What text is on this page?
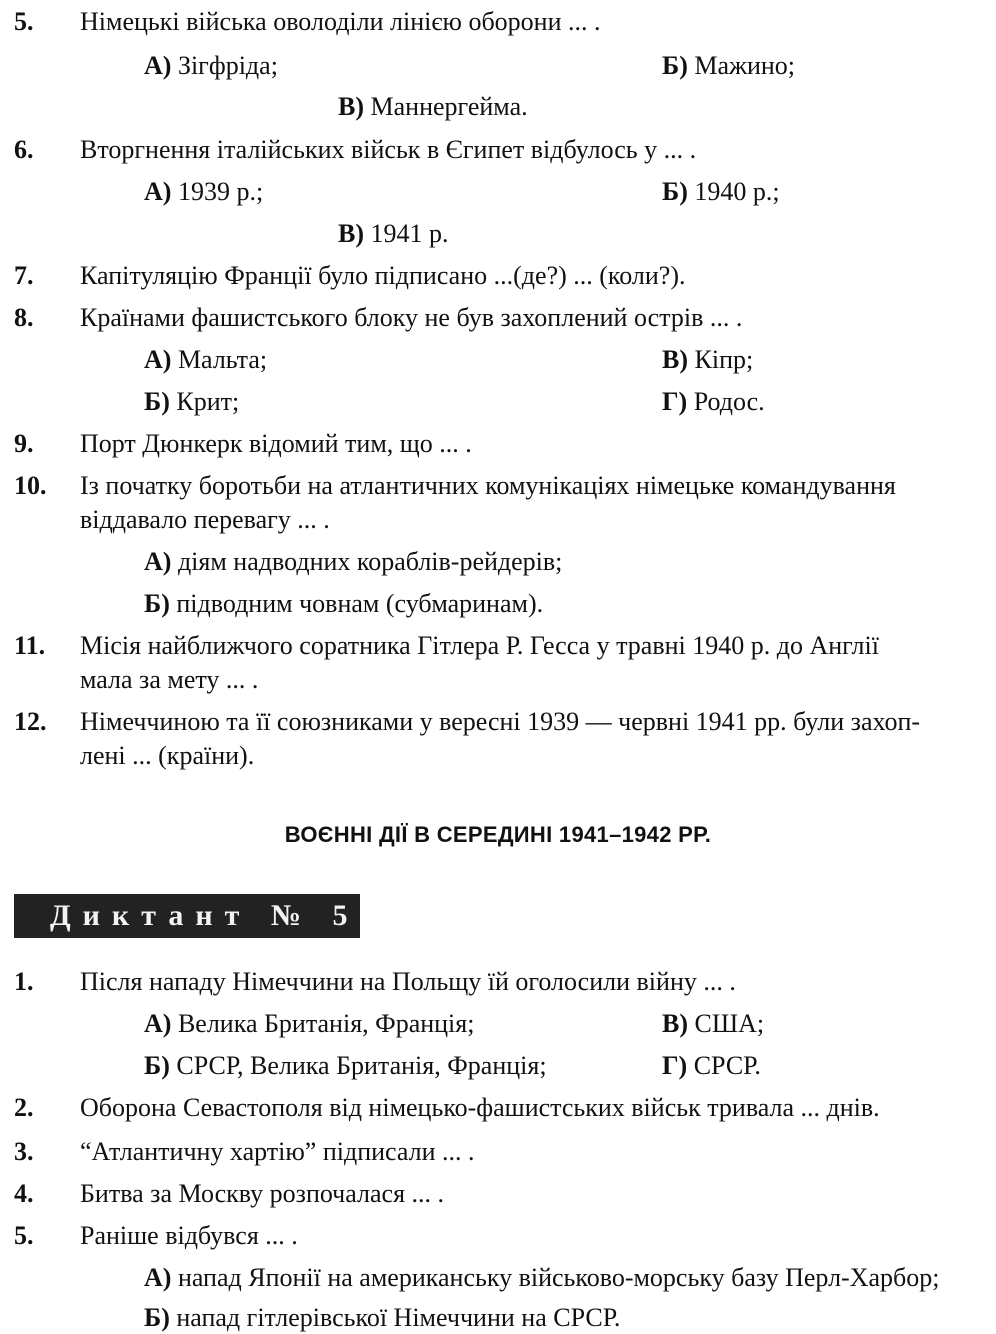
5. Німецькі війська оволоділи лінією оборони ... .
А) Зігфріда;	Б) Мажино;
В) Маннергейма.
6. Вторгнення італійських військ в Єгипет відбулось у ... .
А) 1939 р.;	Б) 1940 р.;
В) 1941 р.
7. Капітуляцію Франції було підписано ...(де?) ... (коли?).
8. Країнами фашистського блоку не був захоплений острів ... .
А) Мальта;	В) Кіпр;
Б) Крит;	Г) Родос.
9. Порт Дюнкерк відомий тим, що ... .
10. Із початку боротьби на атлантичних комунікаціях німецьке командування
віддавало перевагу ... .
А) діям надводних кораблів-рейдерів;
Б) підводним човнам (субмаринам).
11. Місія найближчого соратника Гітлера Р. Гесса у травні 1940 р. до Англії
мала за мету ... .
12. Німеччиною та її союзниками у вересні 1939 — червні 1941 рр. були захоп-
лені ... (країни).
ВОЄННІ ДІЇ В СЕРЕДИНІ 1941–1942 РР.
Диктант № 5
1. Після нападу Німеччини на Польщу їй оголосили війну ... .
А) Велика Британія, Франція;	В) США;
Б) СРСР, Велика Британія, Франція;	Г) СРСР.
2. Оборона Севастополя від німецько-фашистських військ тривала ... днів.
3. “Атлантичну хартію” підписали ... .
4. Битва за Москву розпочалася ... .
5. Раніше відбувся ... .
А) напад Японії на американську військово-морську базу Перл-Харбор;
Б) напад гітлерівської Німеччини на СРСР.
